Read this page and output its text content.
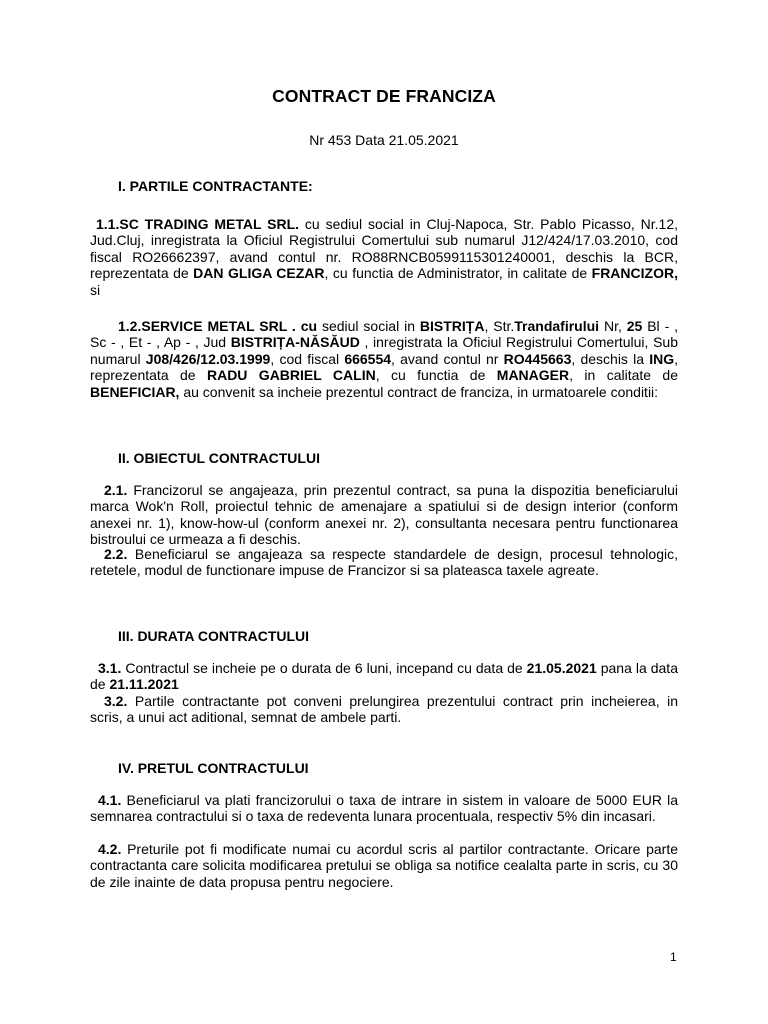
CONTRACT DE FRANCIZA
Nr 453 Data 21.05.2021
I. PARTILE CONTRACTANTE:
1.1.SC TRADING METAL SRL. cu sediul social in Cluj-Napoca, Str. Pablo Picasso, Nr.12, Jud.Cluj, inregistrata la Oficiul Registrului Comertului sub numarul J12/424/17.03.2010, cod fiscal RO26662397, avand contul nr. RO88RNCB0599115301240001, deschis la BCR, reprezentata de DAN GLIGA CEZAR, cu functia de Administrator, in calitate de FRANCIZOR, si
1.2.SERVICE METAL SRL . cu sediul social in BISTRIȚA, Str.Trandafirului Nr, 25 Bl - , Sc - , Et - , Ap - , Jud BISTRIȚA-NĂSĂUD , inregistrata la Oficiul Registrului Comertului, Sub numarul J08/426/12.03.1999, cod fiscal 666554, avand contul nr RO445663, deschis la ING, reprezentata de RADU GABRIEL CALIN, cu functia de MANAGER, in calitate de BENEFICIAR, au convenit sa incheie prezentul contract de franciza, in urmatoarele conditii:
II. OBIECTUL CONTRACTULUI
2.1. Francizorul se angajeaza, prin prezentul contract, sa puna la dispozitia beneficiarului marca Wok'n Roll, proiectul tehnic de amenajare a spatiului si de design interior (conform anexei nr. 1), know-how-ul (conform anexei nr. 2), consultanta necesara pentru functionarea bistroului ce urmeaza a fi deschis.
2.2. Beneficiarul se angajeaza sa respecte standardele de design, procesul tehnologic, retetele, modul de functionare impuse de Francizor si sa plateasca taxele agreate.
III. DURATA CONTRACTULUI
3.1. Contractul se incheie pe o durata de 6 luni, incepand cu data de 21.05.2021 pana la data de 21.11.2021
3.2. Partile contractante pot conveni prelungirea prezentului contract prin incheierea, in scris, a unui act aditional, semnat de ambele parti.
IV. PRETUL CONTRACTULUI
4.1. Beneficiarul va plati francizorului o taxa de intrare in sistem in valoare de 5000 EUR la semnarea contractului si o taxa de redeventa lunara procentuala, respectiv 5% din incasari.
4.2. Preturile pot fi modificate numai cu acordul scris al partilor contractante. Oricare parte contractanta care solicita modificarea pretului se obliga sa notifice cealalta parte in scris, cu 30 de zile inainte de data propusa pentru negociere.
1
